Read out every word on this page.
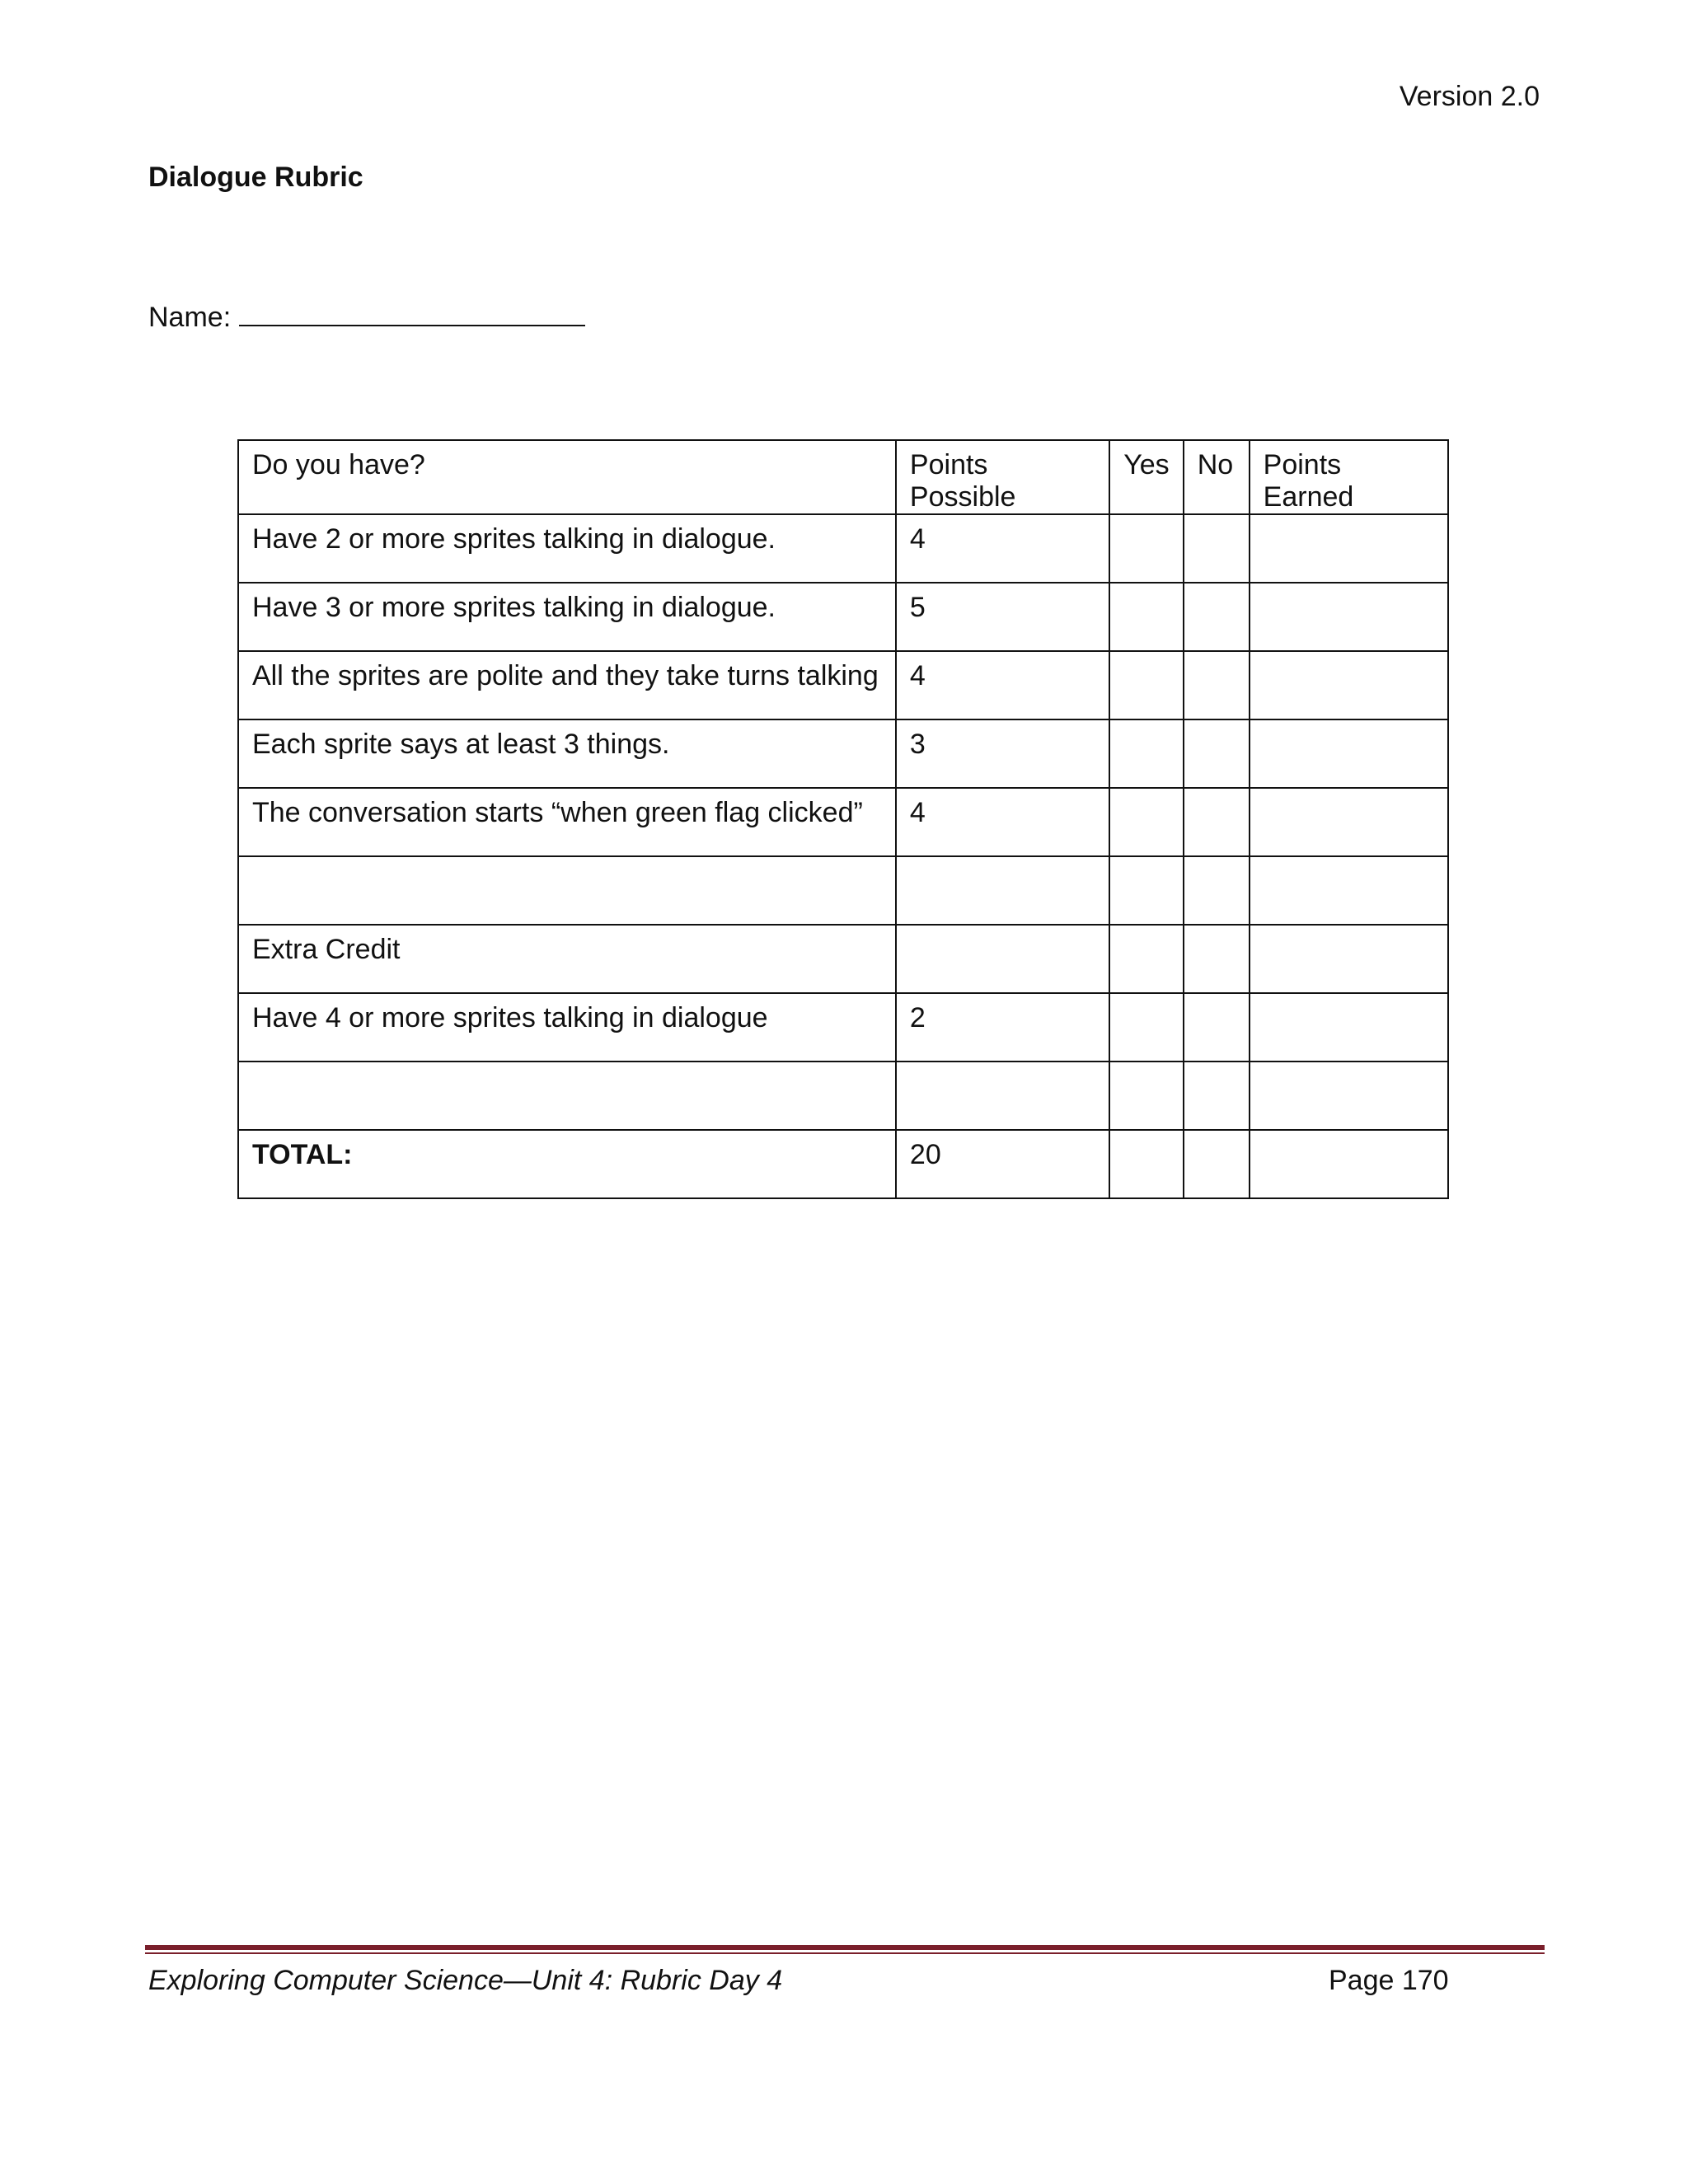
Version 2.0
Dialogue Rubric
Name:
Do you have?	Points Possible	Yes	No	Points Earned
Have 2 or more sprites talking in dialogue.	4			
Have 3 or more sprites talking in dialogue.	5			
All the sprites are polite and they take turns talking	4			
Each sprite says at least 3 things.	3			
The conversation starts “when green flag clicked”	4			

Extra Credit				
Have 4 or more sprites talking in dialogue	2			

TOTAL:	20			
Exploring Computer Science—Unit 4: Rubric Day 4	Page 170
